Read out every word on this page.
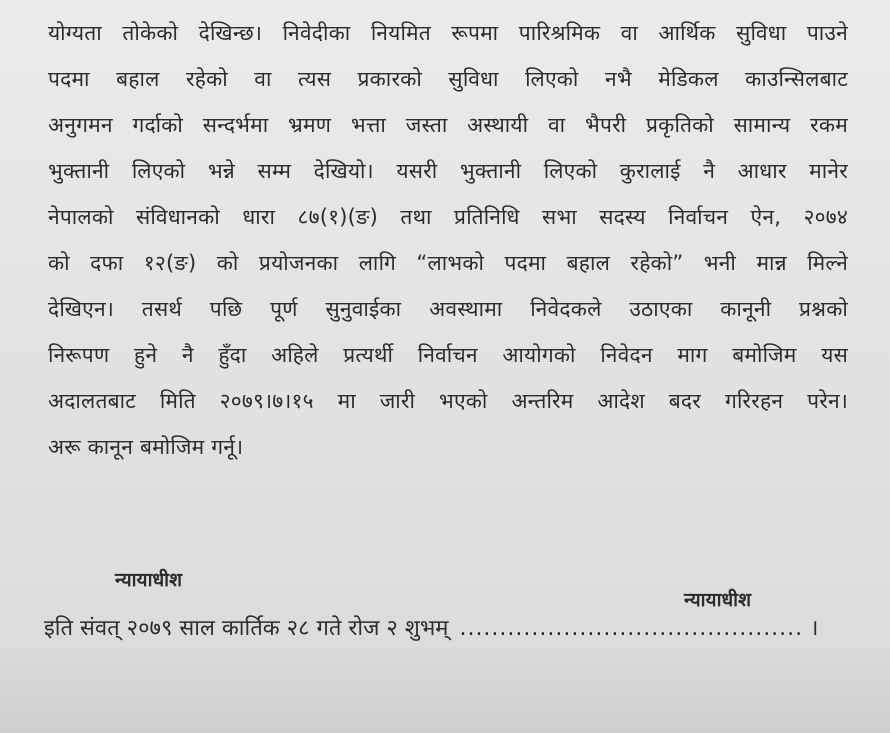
योग्यता तोकेको देखिन्छ। निवेदीका नियमित रूपमा पारिश्रमिक वा आर्थिक सुविधा पाउने
पदमा बहाल रहेको वा त्यस प्रकारको सुविधा लिएको नभै मेडिकल काउन्सिलबाट
अनुगमन गर्दाको सन्दर्भमा भ्रमण भत्ता जस्ता अस्थायी वा भैपरी प्रकृतिको सामान्य रकम
भुक्तानी लिएको भन्ने सम्म देखियो। यसरी भुक्तानी लिएको कुरालाई नै आधार मानेर
नेपालको संविधानको धारा ८७(१)(ङ) तथा प्रतिनिधि सभा सदस्य निर्वाचन ऐन, २०७४
को दफा १२(ङ) को प्रयोजनका लागि “लाभको पदमा बहाल रहेको” भनी मान्न मिल्ने
देखिएन। तसर्थ पछि पूर्ण सुनुवाईका अवस्थामा निवेदकले उठाएका कानूनी प्रश्नको
निरूपण हुने नै हुँदा अहिले प्रत्यर्थी निर्वाचन आयोगको निवेदन माग बमोजिम यस
अदालतबाट मिति २०७९।७।१५ मा जारी भएको अन्तरिम आदेश बदर गरिरहन परेन।
अरू कानून बमोजिम गर्नू।
न्यायाधीश
न्यायाधीश
इति संवत् २०७९ साल कार्तिक २८ गते रोज २ शुभम् ........................................... ।
